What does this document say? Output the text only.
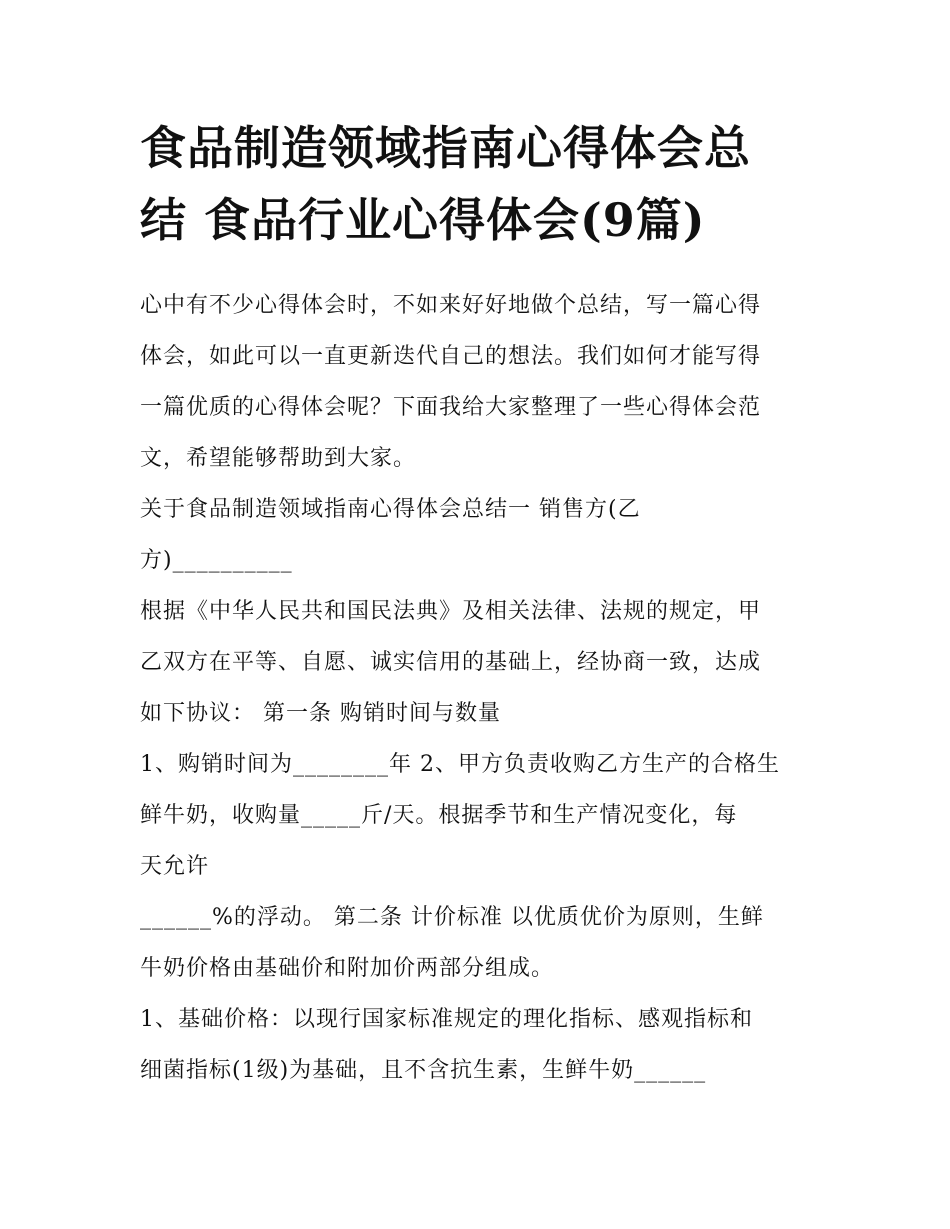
食品制造领域指南心得体会总
结 食品行业心得体会(9篇)

心中有不少心得体会时，不如来好好地做个总结，写一篇心得

体会，如此可以一直更新迭代自己的想法。我们如何才能写得

一篇优质的心得体会呢？下面我给大家整理了一些心得体会范

文，希望能够帮助到大家。

关于食品制造领域指南心得体会总结一 销售方(乙

方)__________

根据《中华人民共和国民法典》及相关法律、法规的规定，甲

乙双方在平等、自愿、诚实信用的基础上，经协商一致，达成

如下协议： 第一条 购销时间与数量

1、购销时间为________年 2、甲方负责收购乙方生产的合格生

鲜牛奶，收购量_____斤/天。根据季节和生产情况变化，每

天允许

______%的浮动。 第二条 计价标准 以优质优价为原则，生鲜

牛奶价格由基础价和附加价两部分组成。

1、基础价格：以现行国家标准规定的理化指标、感观指标和

细菌指标(1级)为基础，且不含抗生素，生鲜牛奶______
